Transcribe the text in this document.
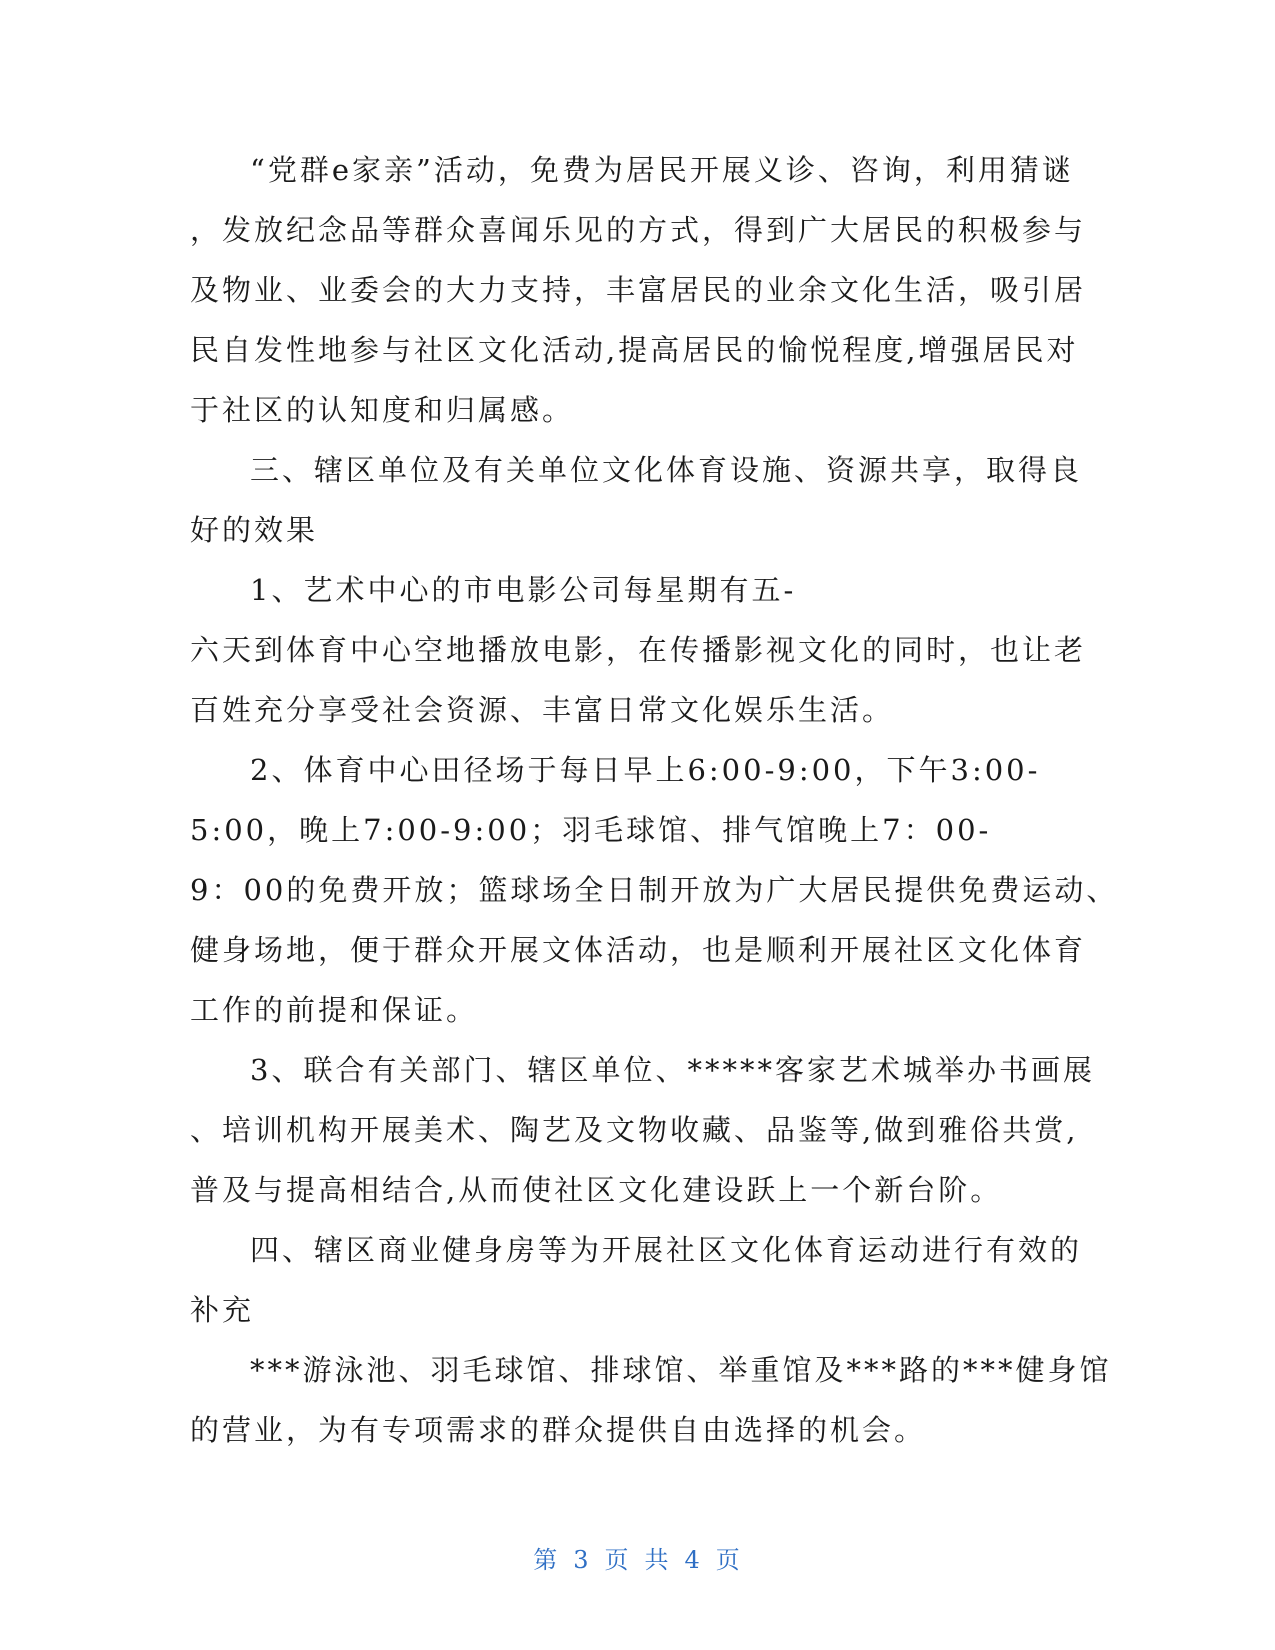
“党群e家亲”活动，免费为居民开展义诊、咨询，利用猜谜
，发放纪念品等群众喜闻乐见的方式，得到广大居民的积极参与
及物业、业委会的大力支持，丰富居民的业余文化生活，吸引居
民自发性地参与社区文化活动,提高居民的愉悦程度,增强居民对
于社区的认知度和归属感。
三、辖区单位及有关单位文化体育设施、资源共享，取得良
好的效果
1、艺术中心的市电影公司每星期有五-
六天到体育中心空地播放电影，在传播影视文化的同时，也让老
百姓充分享受社会资源、丰富日常文化娱乐生活。
2、体育中心田径场于每日早上6:00-9:00，下午3:00-
5:00，晚上7:00-9:00；羽毛球馆、排气馆晚上7：00-
9：00的免费开放；篮球场全日制开放为广大居民提供免费运动、
健身场地，便于群众开展文体活动，也是顺利开展社区文化体育
工作的前提和保证。
3、联合有关部门、辖区单位、*****客家艺术城举办书画展
、培训机构开展美术、陶艺及文物收藏、品鉴等,做到雅俗共赏,
普及与提高相结合,从而使社区文化建设跃上一个新台阶。
四、辖区商业健身房等为开展社区文化体育运动进行有效的
补充
***游泳池、羽毛球馆、排球馆、举重馆及***路的***健身馆
的营业，为有专项需求的群众提供自由选择的机会。
第 3 页 共 4 页
